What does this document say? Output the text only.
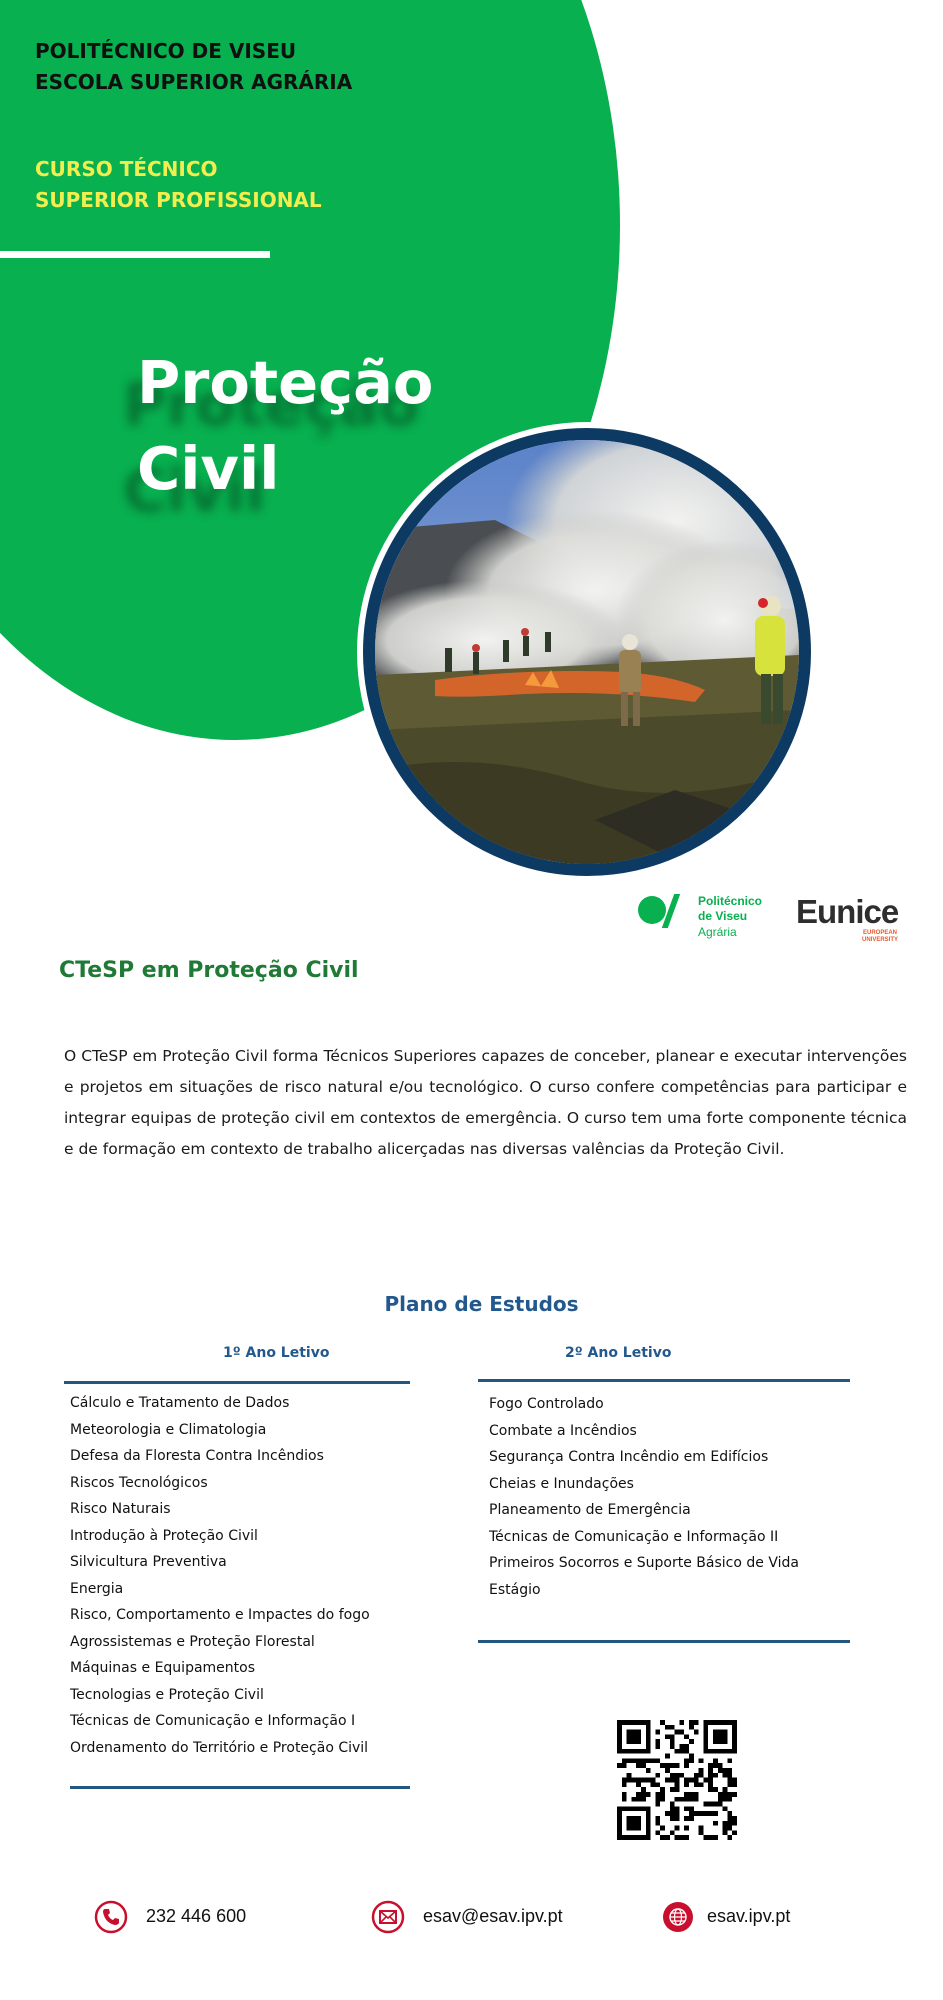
POLITÉCNICO DE VISEU
ESCOLA SUPERIOR AGRÁRIA
CURSO TÉCNICO
SUPERIOR PROFISSIONAL
Proteção
Civil
Politécnico
de Viseu
Agrária
Eunice
EUROPEAN
UNIVERSITY
CTeSP em Proteção Civil

O CTeSP em Proteção Civil forma Técnicos Superiores capazes de conceber, planear e executar intervenções e projetos em situações de risco natural e/ou tecnológico. O curso confere competências para participar e integrar equipas de proteção civil em contextos de emergência. O curso tem uma forte componente técnica e de formação em contexto de trabalho alicerçadas nas diversas valências da Proteção Civil.

Plano de Estudos
1º Ano Letivo	2º Ano Letivo
Cálculo e Tratamento de Dados
Meteorologia e Climatologia
Defesa da Floresta Contra Incêndios
Riscos Tecnológicos
Risco Naturais
Introdução à Proteção Civil
Silvicultura Preventiva
Energia
Risco, Comportamento e Impactes do fogo
Agrossistemas e Proteção Florestal
Máquinas e Equipamentos
Tecnologias e Proteção Civil
Técnicas de Comunicação e Informação I
Ordenamento do Território e Proteção Civil
Fogo Controlado
Combate a Incêndios
Segurança Contra Incêndio em Edifícios
Cheias e Inundações
Planeamento de Emergência
Técnicas de Comunicação e Informação II
Primeiros Socorros e Suporte Básico de Vida
Estágio
232 446 600	esav@esav.ipv.pt	esav.ipv.pt
